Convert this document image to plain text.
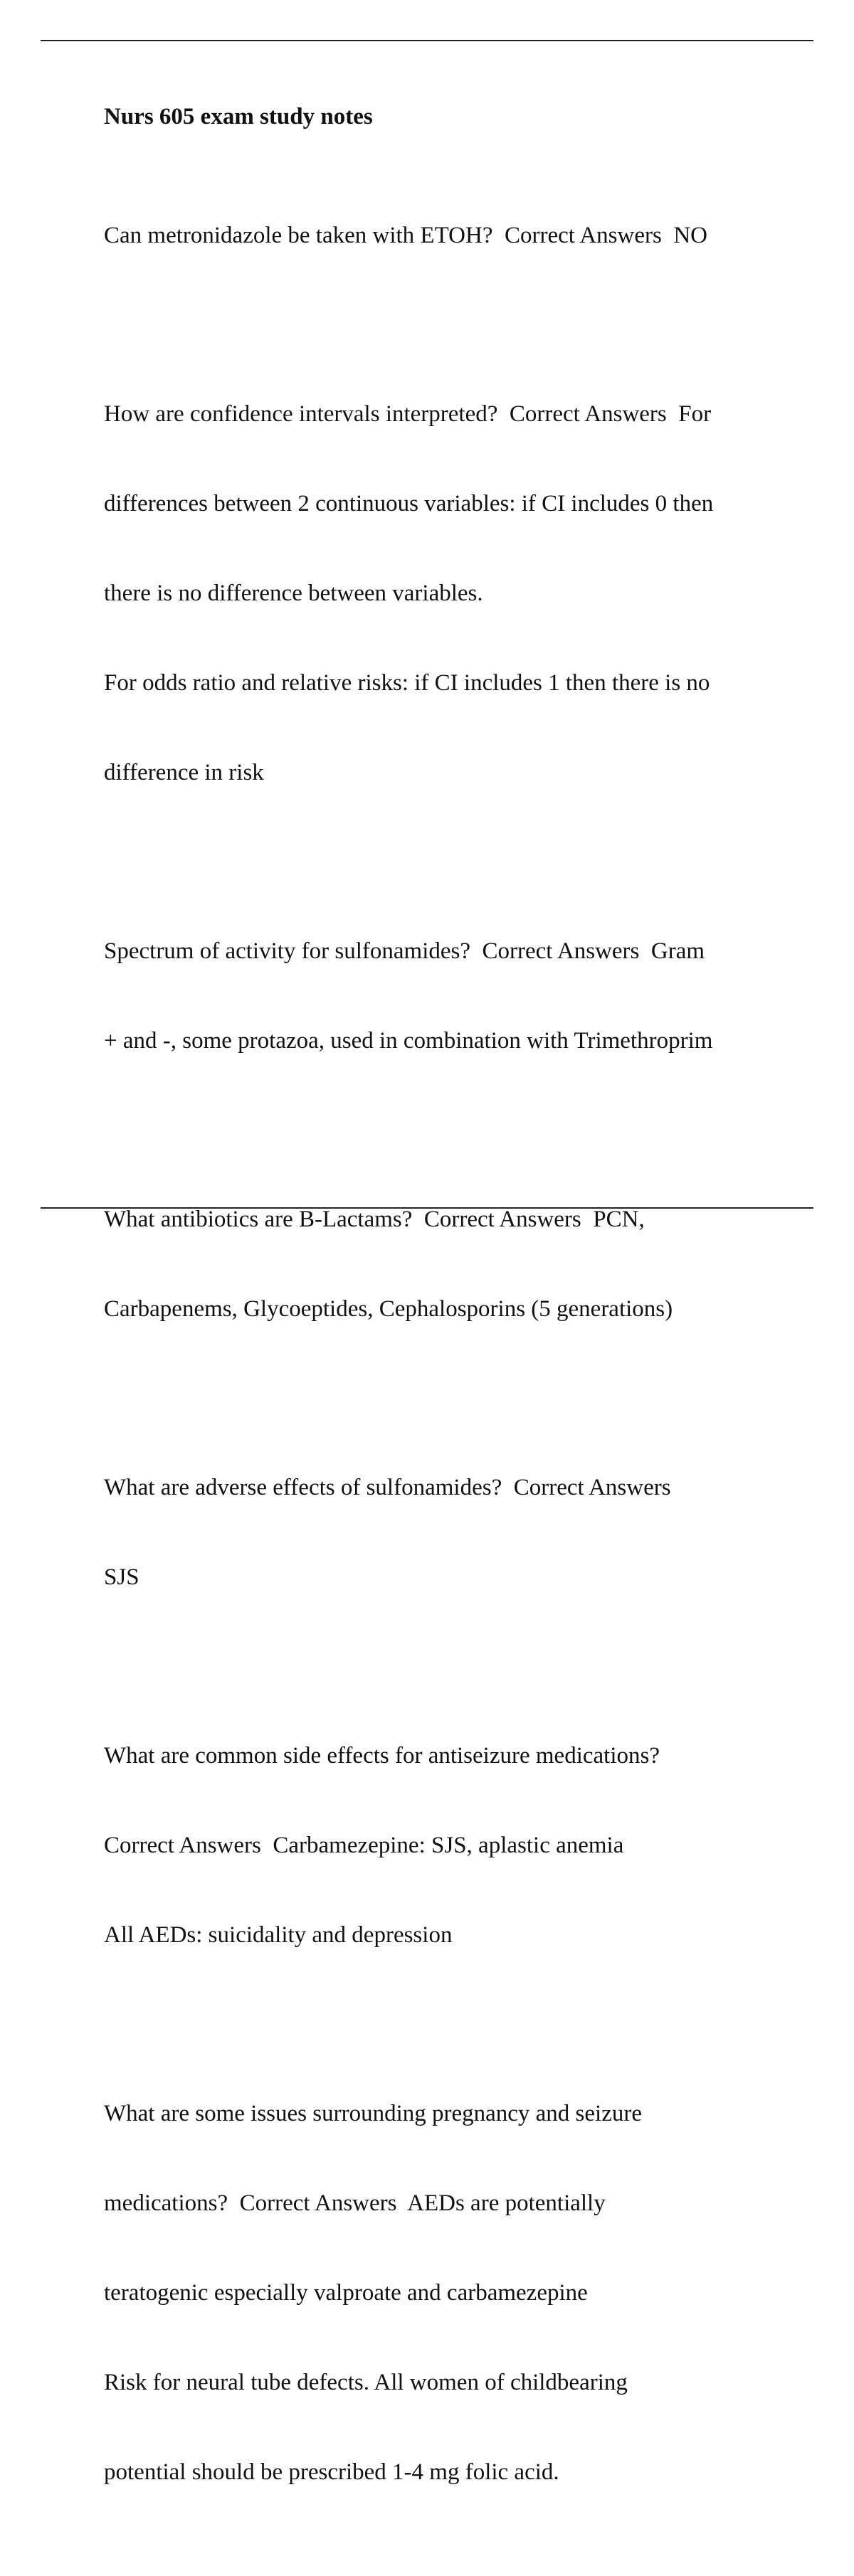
Nurs 605 exam study notes

Can metronidazole be taken with ETOH?  Correct Answers  NO

How are confidence intervals interpreted?  Correct Answers  For

differences between 2 continuous variables: if CI includes 0 then

there is no difference between variables.

For odds ratio and relative risks: if CI includes 1 then there is no

difference in risk

Spectrum of activity for sulfonamides?  Correct Answers  Gram

+ and -, some protazoa, used in combination with Trimethroprim

What antibiotics are B-Lactams?  Correct Answers  PCN,

Carbapenems, Glycoeptides, Cephalosporins (5 generations)

What are adverse effects of sulfonamides?  Correct Answers

SJS

What are common side effects for antiseizure medications?

Correct Answers  Carbamezepine: SJS, aplastic anemia

All AEDs: suicidality and depression

What are some issues surrounding pregnancy and seizure

medications?  Correct Answers  AEDs are potentially

teratogenic especially valproate and carbamezepine

Risk for neural tube defects. All women of childbearing

potential should be prescribed 1-4 mg folic acid.
